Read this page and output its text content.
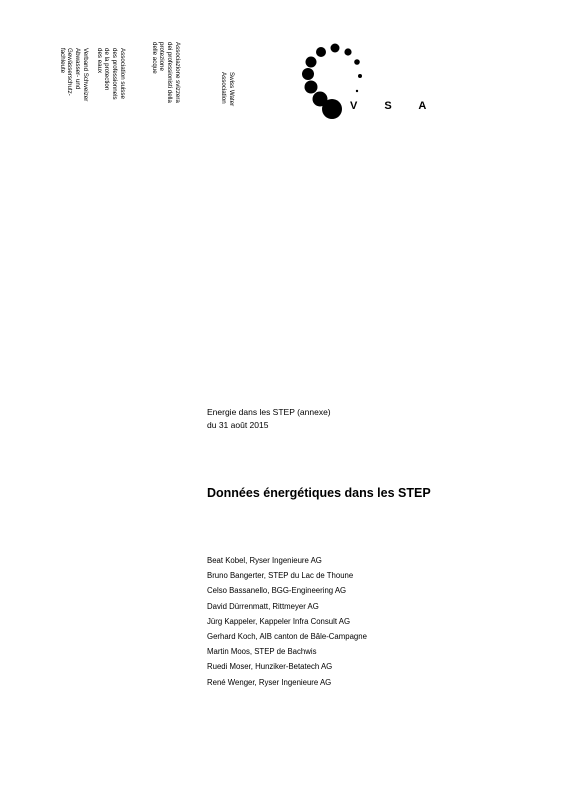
Verband Schweizer
Abwasser- und
Gewässerschutz-
fachleute	Association suisse
des professionnels
de la protection
des eaux	Associazione svizzera
dei professionisti della
protezione
delle acque
Swiss Water
Association
V S A
Energie dans les STEP (annexe)
du 31 août 2015
Données énergétiques dans les STEP
Beat Kobel, Ryser Ingenieure AG
Bruno Bangerter, STEP du Lac de Thoune
Celso Bassanello, BGG-Engineering AG
David Dürrenmatt, Rittmeyer AG
Jürg Kappeler, Kappeler Infra Consult AG
Gerhard Koch, AIB canton de Bâle-Campagne
Martin Moos, STEP de Bachwis
Ruedi Moser, Hunziker-Betatech AG
René Wenger, Ryser Ingenieure AG
